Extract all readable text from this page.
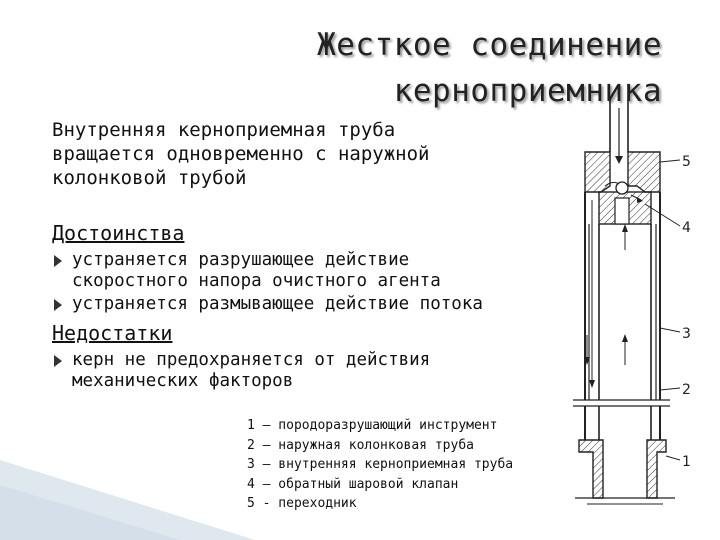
Жесткое соединение
керноприемника
Внутренняя керноприемная труба
вращается одновременно с наружной
колонковой трубой
Достоинства
устраняется разрушающее действие
скоростного напора очистного агента
устраняется размывающее действие потока
Недостатки
керн не предохраняется от действия
механических факторов
1 – породоразрушающий инструмент
2 – наружная колонковая труба
3 – внутренняя керноприемная труба
4 – обратный шаровой клапан
5 - переходник
5
4
3
2
1
